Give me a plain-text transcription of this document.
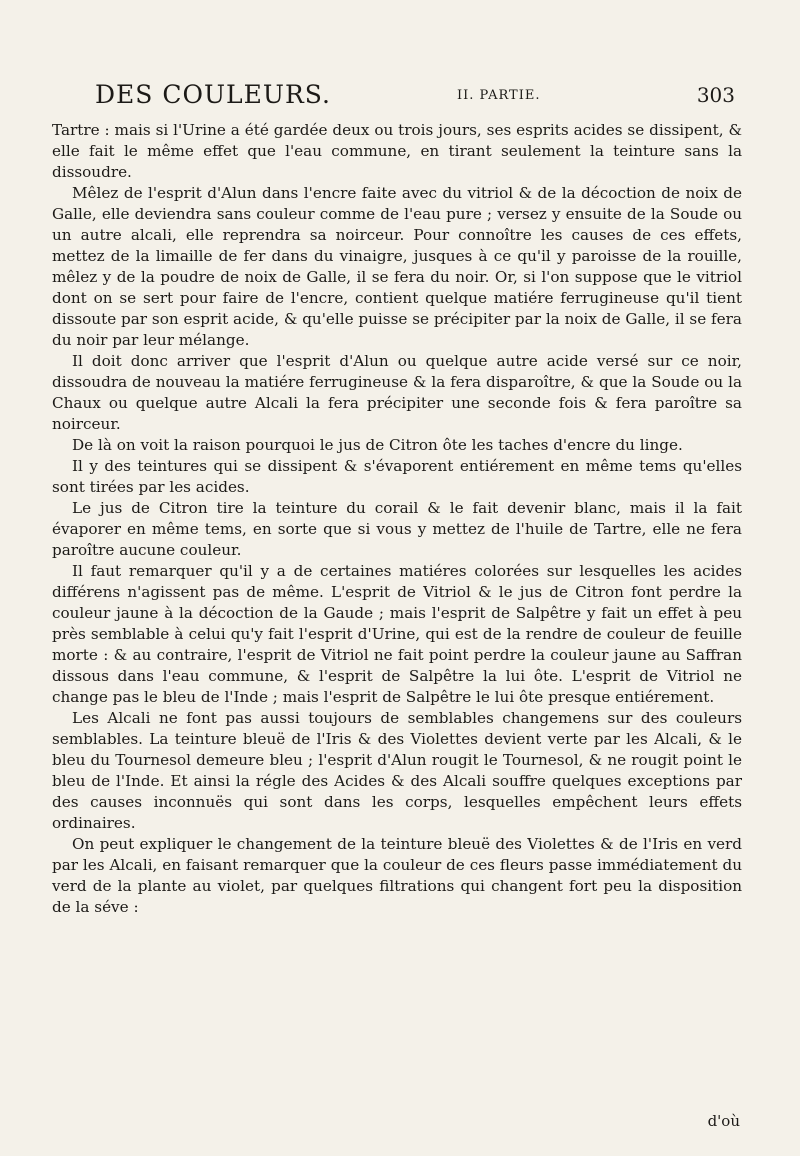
DES COULEURS.	II. PARTIE.	303

Tartre : mais si l'Urine a été gardée deux ou trois jours, ses esprits acides se dissipent, & elle fait le même effet que l'eau commune, en tirant seulement la teinture sans la dissoudre.

Mêlez de l'esprit d'Alun dans l'encre faite avec du vitriol & de la décoction de noix de Galle, elle deviendra sans couleur comme de l'eau pure ; versez y ensuite de la Soude ou un autre alcali, elle reprendra sa noirceur. Pour connoître les causes de ces effets, mettez de la limaille de fer dans du vinaigre, jusques à ce qu'il y paroisse de la rouille, mêlez y de la poudre de noix de Galle, il se fera du noir. Or, si l'on suppose que le vitriol dont on se sert pour faire de l'encre, contient quelque matiére ferrugineuse qu'il tient dissoute par son esprit acide, & qu'elle puisse se précipiter par la noix de Galle, il se fera du noir par leur mélange.

Il doit donc arriver que l'esprit d'Alun ou quelque autre acide versé sur ce noir, dissoudra de nouveau la matiére ferrugineuse & la fera disparoître, & que la Soude ou la Chaux ou quelque autre Alcali la fera précipiter une seconde fois & fera paroître sa noirceur.

De là on voit la raison pourquoi le jus de Citron ôte les taches d'encre du linge.

Il y des teintures qui se dissipent & s'évaporent entiérement en même tems qu'elles sont tirées par les acides.

Le jus de Citron tire la teinture du corail & le fait devenir blanc, mais il la fait évaporer en même tems, en sorte que si vous y mettez de l'huile de Tartre, elle ne fera paroître aucune couleur.

Il faut remarquer qu'il y a de certaines matiéres colorées sur lesquelles les acides différens n'agissent pas de même. L'esprit de Vitriol & le jus de Citron font perdre la couleur jaune à la décoction de la Gaude ; mais l'esprit de Salpêtre y fait un effet à peu près semblable à celui qu'y fait l'esprit d'Urine, qui est de la rendre de couleur de feuille morte : & au contraire, l'esprit de Vitriol ne fait point perdre la couleur jaune au Saffran dissous dans l'eau commune, & l'esprit de Salpêtre la lui ôte. L'esprit de Vitriol ne change pas le bleu de l'Inde ; mais l'esprit de Salpêtre le lui ôte presque entiérement.

Les Alcali ne font pas aussi toujours de semblables changemens sur des couleurs semblables. La teinture bleuë de l'Iris & des Violettes devient verte par les Alcali, & le bleu du Tournesol demeure bleu ; l'esprit d'Alun rougit le Tournesol, & ne rougit point le bleu de l'Inde. Et ainsi la régle des Acides & des Alcali souffre quelques exceptions par des causes inconnuës qui sont dans les corps, lesquelles empêchent leurs effets ordinaires.

On peut expliquer le changement de la teinture bleuë des Violettes & de l'Iris en verd par les Alcali, en faisant remarquer que la couleur de ces fleurs passe immédiatement du verd de la plante au violet, par quelques filtrations qui changent fort peu la disposition de la séve :

d'où
